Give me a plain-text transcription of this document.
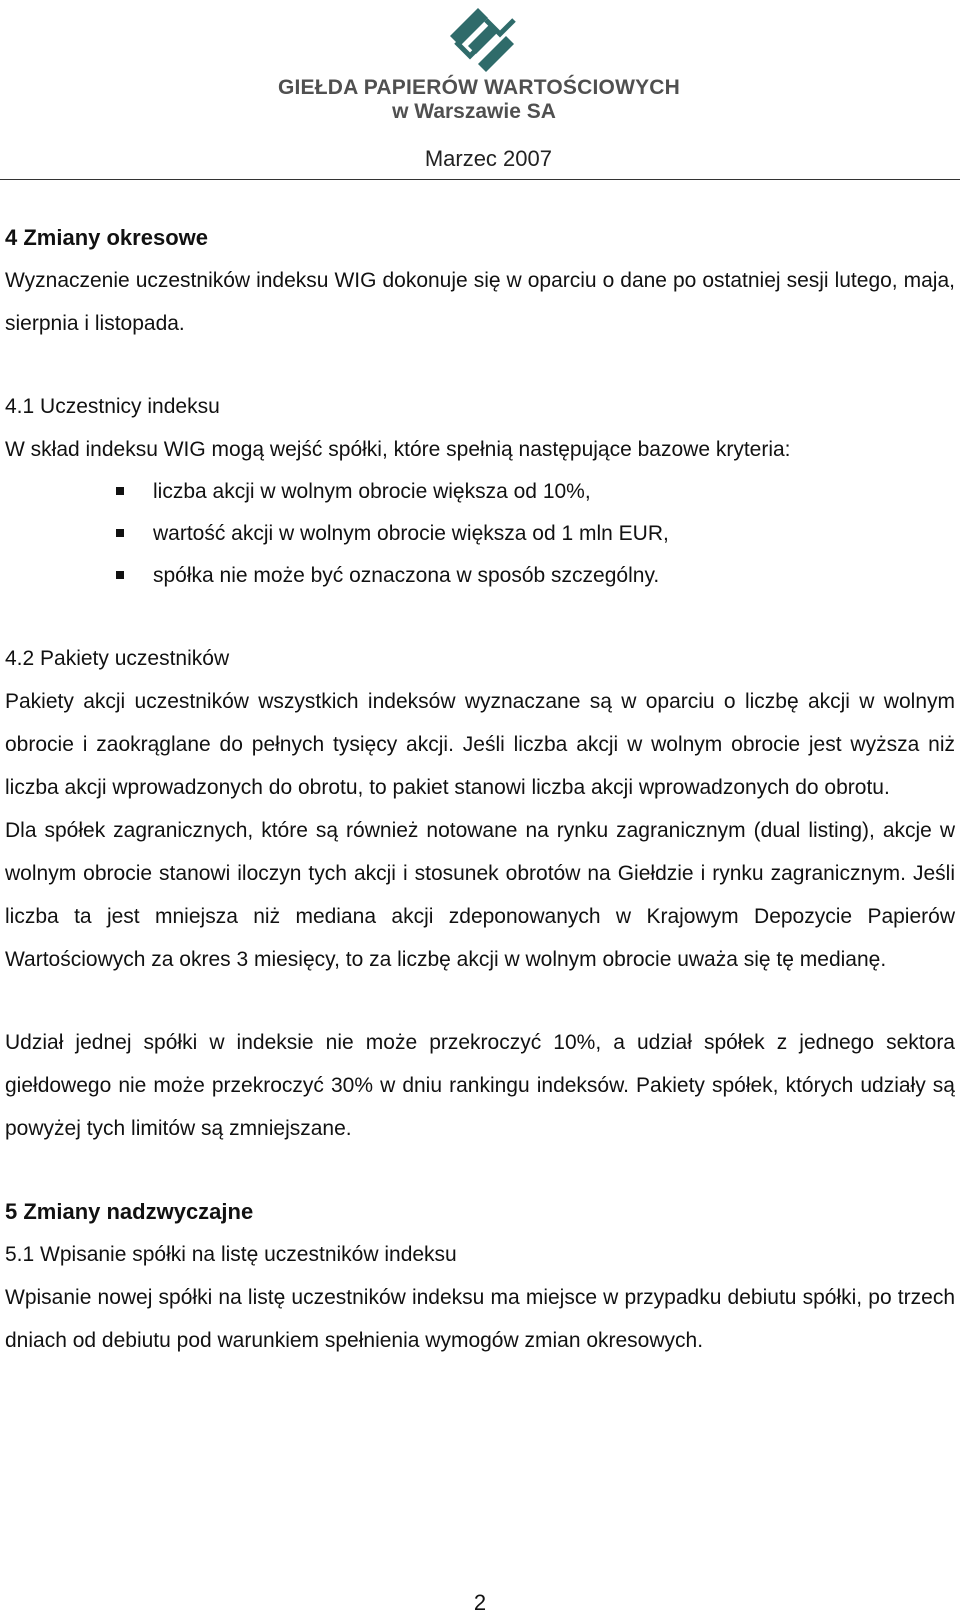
GIEŁDA PAPIERÓW WARTOŚCIOWYCH
w Warszawie SA
Marzec 2007
4 Zmiany okresowe

Wyznaczenie uczestników indeksu WIG dokonuje się w oparciu o dane po ostatniej sesji lutego, maja, sierpnia i listopada.

4.1 Uczestnicy indeksu

W skład indeksu WIG mogą wejść spółki, które spełnią następujące bazowe kryteria:

liczba akcji w wolnym obrocie większa od 10%,
wartość akcji w wolnym obrocie większa od 1 mln EUR,
spółka nie może być oznaczona w sposób szczególny.

4.2 Pakiety uczestników

Pakiety akcji uczestników wszystkich indeksów wyznaczane są w oparciu o liczbę akcji w wolnym obrocie i zaokrąglane do pełnych tysięcy akcji. Jeśli liczba akcji w wolnym obrocie jest wyższa niż liczba akcji wprowadzonych do obrotu, to pakiet stanowi liczba akcji wprowadzonych do obrotu.

Dla spółek zagranicznych, które są również notowane na rynku zagranicznym (dual listing), akcje w wolnym obrocie stanowi iloczyn tych akcji i stosunek obrotów na Giełdzie i rynku zagranicznym. Jeśli liczba ta jest mniejsza niż mediana akcji zdeponowanych w Krajowym Depozycie Papierów Wartościowych za okres 3 miesięcy, to za liczbę akcji w wolnym obrocie uważa się tę medianę.

Udział jednej spółki w indeksie nie może przekroczyć 10%, a udział spółek z jednego sektora giełdowego nie może przekroczyć 30% w dniu rankingu indeksów. Pakiety spółek, których udziały są powyżej tych limitów są zmniejszane.

5 Zmiany nadzwyczajne

5.1 Wpisanie spółki na listę uczestników indeksu

Wpisanie nowej spółki na listę uczestników indeksu ma miejsce w przypadku debiutu spółki, po trzech dniach od debiutu pod warunkiem spełnienia wymogów zmian okresowych.

2
